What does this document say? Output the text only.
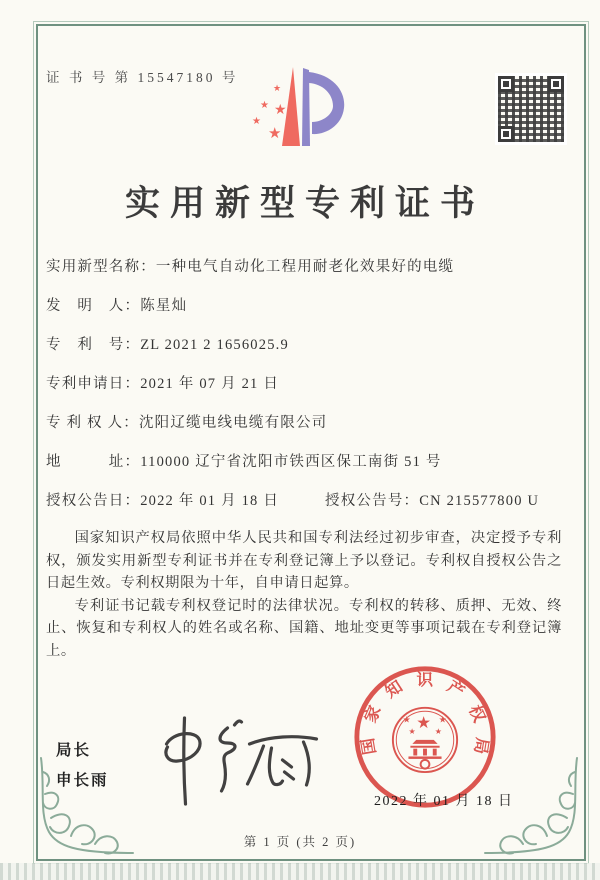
证 书 号 第 15547180 号
★
★ ★
★
★
实用新型专利证书
实用新型名称： 一种电气自动化工程用耐老化效果好的电缆
发　明　人： 陈星灿
专　利　号： ZL 2021 2 1656025.9
专利申请日： 2021 年 07 月 21 日
专 利 权 人： 沈阳辽缆电线电缆有限公司
地　　　址： 110000 辽宁省沈阳市铁西区保工南街 51 号
授权公告日： 2022 年 01 月 18 日	授权公告号： CN 215577800 U

国家知识产权局依照中华人民共和国专利法经过初步审查，决定授予专利权，颁发实用新型专利证书并在专利登记簿上予以登记。专利权自授权公告之日起生效。专利权期限为十年，自申请日起算。

专利证书记载专利权登记时的法律状况。专利权的转移、质押、无效、终止、恢复和专利权人的姓名或名称、国籍、地址变更等事项记载在专利登记簿上。

局长
申长雨
国家知识产权局
★
★	★
★ ★
2022 年 01 月 18 日
第 1 页 (共 2 页)
